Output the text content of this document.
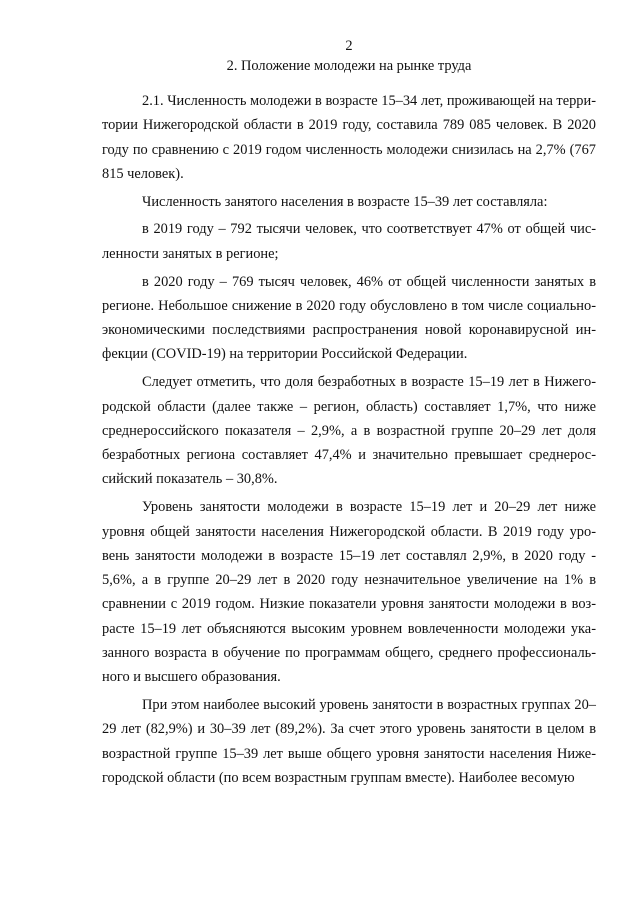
2
2. Положение молодежи на рынке труда

2.1. Численность молодежи в возрасте 15–34 лет, проживающей на территории Нижегородской области в 2019 году, составила 789 085 человек. В 2020 году по сравнению с 2019 годом численность молодежи снизилась на 2,7% (767 815 человек).

Численность занятого населения в возрасте 15–39 лет составляла:

в 2019 году – 792 тысячи человек, что соответствует 47% от общей численности занятых в регионе;

в 2020 году – 769 тысяч человек, 46% от общей численности занятых в регионе. Небольшое снижение в 2020 году обусловлено в том числе социально-экономическими последствиями распространения новой коронавирусной инфекции (COVID-19) на территории Российской Федерации.

Следует отметить, что доля безработных в возрасте 15–19 лет в Нижегородской области (далее также – регион, область) составляет 1,7%, что ниже среднероссийского показателя – 2,9%, а в возрастной группе 20–29 лет доля безработных региона составляет 47,4% и значительно превышает среднероссийский показатель – 30,8%.

Уровень занятости молодежи в возрасте 15–19 лет и 20–29 лет ниже уровня общей занятости населения Нижегородской области. В 2019 году уровень занятости молодежи в возрасте 15–19 лет составлял 2,9%, в 2020 году - 5,6%, а в группе 20–29 лет в 2020 году незначительное увеличение на 1% в сравнении с 2019 годом. Низкие показатели уровня занятости молодежи в возрасте 15–19 лет объясняются высоким уровнем вовлеченности молодежи указанного возраста в обучение по программам общего, среднего профессионального и высшего образования.

При этом наиболее высокий уровень занятости в возрастных группах 20–29 лет (82,9%) и 30–39 лет (89,2%). За счет этого уровень занятости в целом в возрастной группе 15–39 лет выше общего уровня занятости населения Нижегородской области (по всем возрастным группам вместе). Наиболее весомую
